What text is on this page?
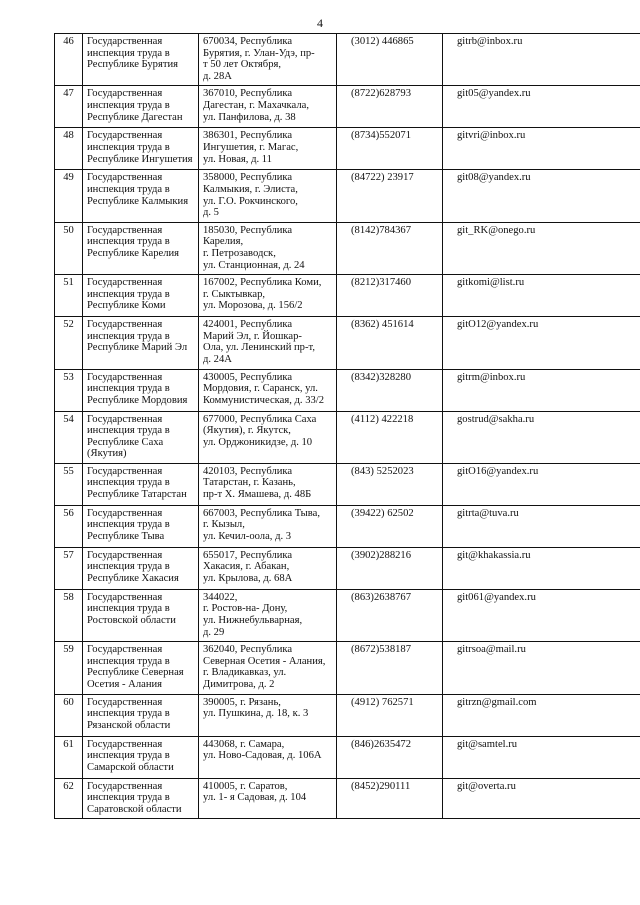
4
46	Государственная
инспекция труда в
Республике Бурятия	670034, Республика
Бурятия, г. Улан-Удэ, пр-
т 50 лет Октября,
д. 28А	(3012) 446865	gitrb@inbox.ru
47	Государственная
инспекция труда в
Республике Дагестан	367010, Республика
Дагестан, г. Махачкала,
ул. Панфилова, д. 38	(8722)628793	git05@yandex.ru
48	Государственная
инспекция труда в
Республике Ингушетия	386301, Республика
Ингушетия, г. Магас,
ул. Новая, д. 11	(8734)552071	gitvri@inbox.ru
49	Государственная
инспекция труда в
Республике Калмыкия	358000, Республика
Калмыкия, г. Элиста,
ул. Г.О. Рокчинского,
д. 5	(84722) 23917	git08@yandex.ru
50	Государственная
инспекция труда в
Республике Карелия	185030, Республика
Карелия,
г. Петрозаводск,
ул. Станционная, д. 24	(8142)784367	git_RK@onego.ru
51	Государственная
инспекция труда в
Республике Коми	167002, Республика Коми,
г. Сыктывкар,
ул. Морозова, д. 156/2	(8212)317460	gitkomi@list.ru
52	Государственная
инспекция труда в
Республике Марий Эл	424001, Республика
Марий Эл, г. Йошкар-
Ола, ул. Ленинский пр-т,
д. 24А	(8362) 451614	gitO12@yandex.ru
53	Государственная
инспекция труда в
Республике Мордовия	430005, Республика
Мордовия, г. Саранск, ул.
Коммунистическая, д. 33/2	(8342)328280	gitrm@inbox.ru
54	Государственная
инспекция труда в
Республике Саха
(Якутия)	677000, Республика Саха
(Якутия), г. Якутск,
ул. Орджоникидзе, д. 10	(4112) 422218	gostrud@sakha.ru
55	Государственная
инспекция труда в
Республике Татарстан	420103, Республика
Татарстан, г. Казань,
пр-т Х. Ямашева, д. 48Б	(843) 5252023	gitO16@yandex.ru
56	Государственная
инспекция труда в
Республике Тыва	667003, Республика Тыва,
г. Кызыл,
ул. Кечил-оола, д. 3	(39422) 62502	gitrta@tuva.ru
57	Государственная
инспекция труда в
Республике Хакасия	655017, Республика
Хакасия, г. Абакан,
ул. Крылова, д. 68А	(3902)288216	git@khakassia.ru
58	Государственная
инспекция труда в
Ростовской области	344022,
г. Ростов-на- Дону,
ул. Нижнебульварная,
д. 29	(863)2638767	git061@yandex.ru
59	Государственная
инспекция труда в
Республике Северная
Осетия - Алания	362040, Республика
Северная Осетия - Алания,
г. Владикавказ, ул.
Димитрова, д. 2	(8672)538187	gitrsoa@mail.ru
60	Государственная
инспекция труда в
Рязанской области	390005, г. Рязань,
ул. Пушкина, д. 18, к. 3	(4912) 762571	gitrzn@gmail.com
61	Государственная
инспекция труда в
Самарской области	443068, г. Самара,
ул. Ново-Садовая, д. 106А	(846)2635472	git@samtel.ru
62	Государственная
инспекция труда в
Саратовской области	410005, г. Саратов,
ул. 1- я Садовая, д. 104	(8452)290111	git@overta.ru
